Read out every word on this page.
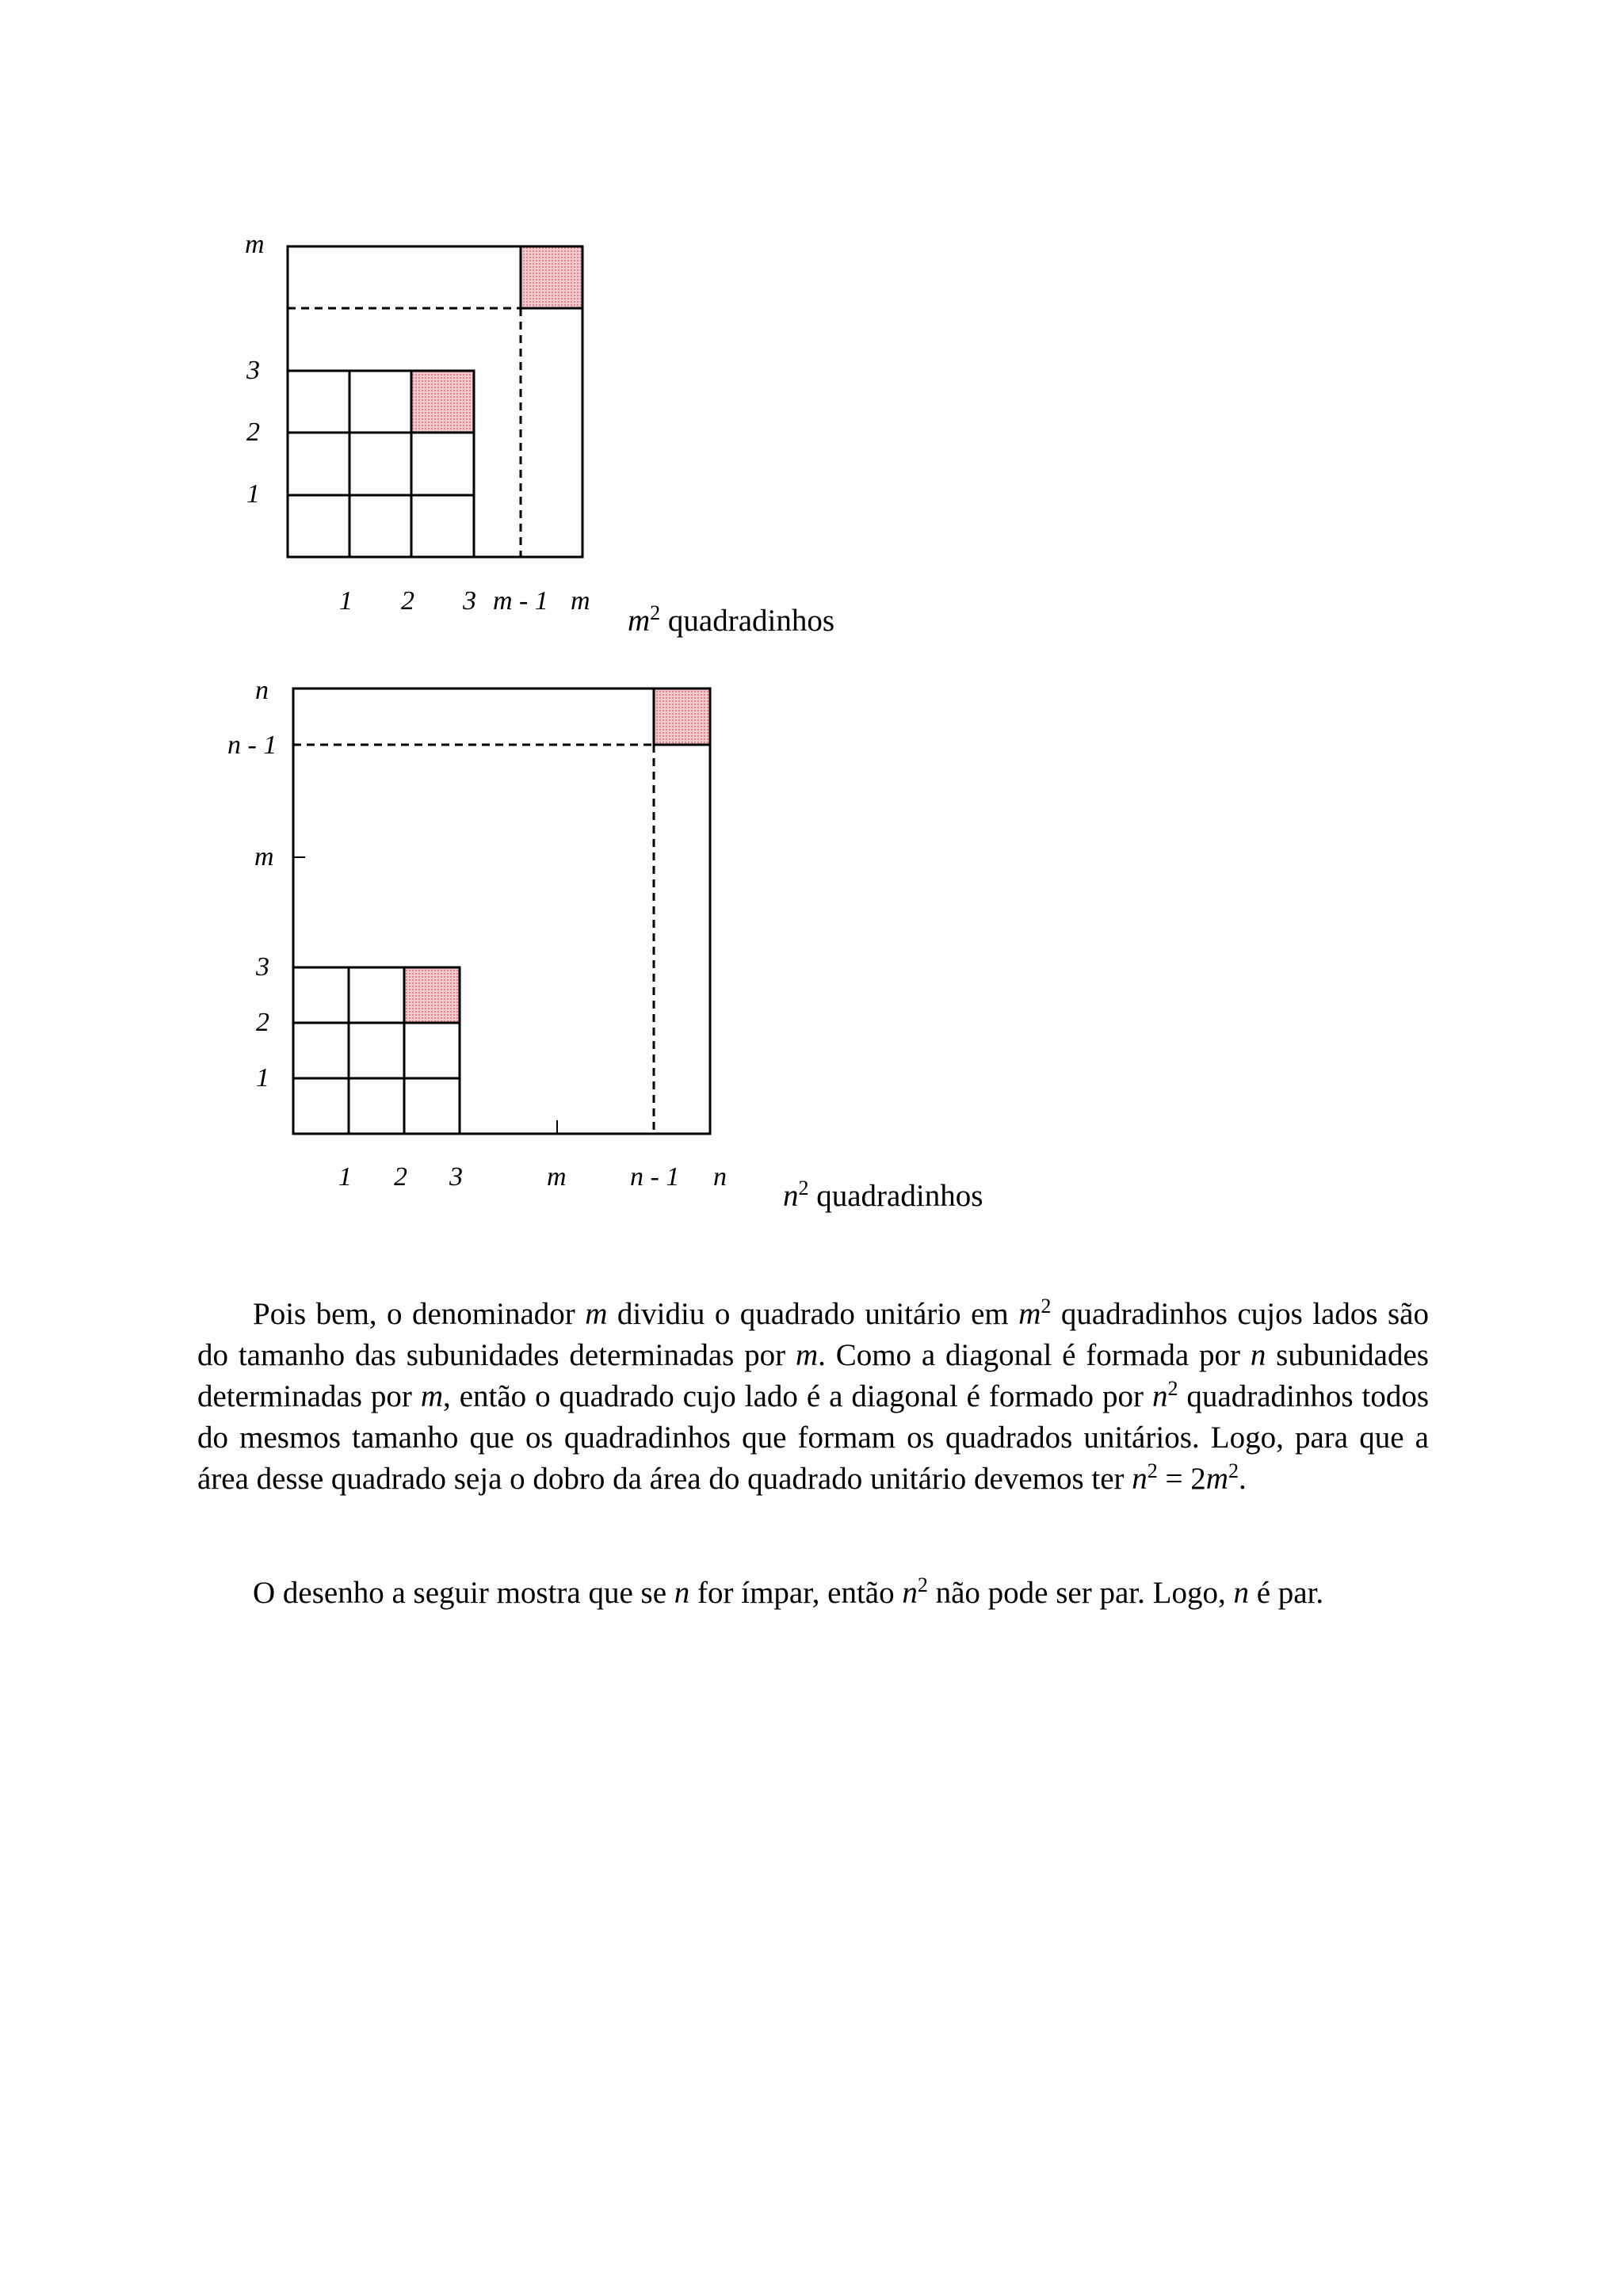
m
3
2
1
1 2 3 m - 1 m
$m^2$ quadradinhos
n
n - 1
m
3
2
1
1 2 3	m n - 1 n
$n^2$ quadradinhos

Pois bem, o denominador m dividiu o quadrado unitário em $m^2$ quadradinhos cujos lados são do tamanho das subunidades determinadas por m. Como a diagonal é formada por n subunidades determinadas por m, então o quadrado cujo lado é a diagonal é formado por $n^2$ quadradinhos todos do mesmos tamanho que os quadradinhos que formam os quadrados unitários. Logo, para que a área desse quadrado seja o dobro da área do quadrado unitário devemos ter $n^2 = 2m^2$.

O desenho a seguir mostra que se n for ímpar, então $n^2$ não pode ser par. Logo, n é par.
